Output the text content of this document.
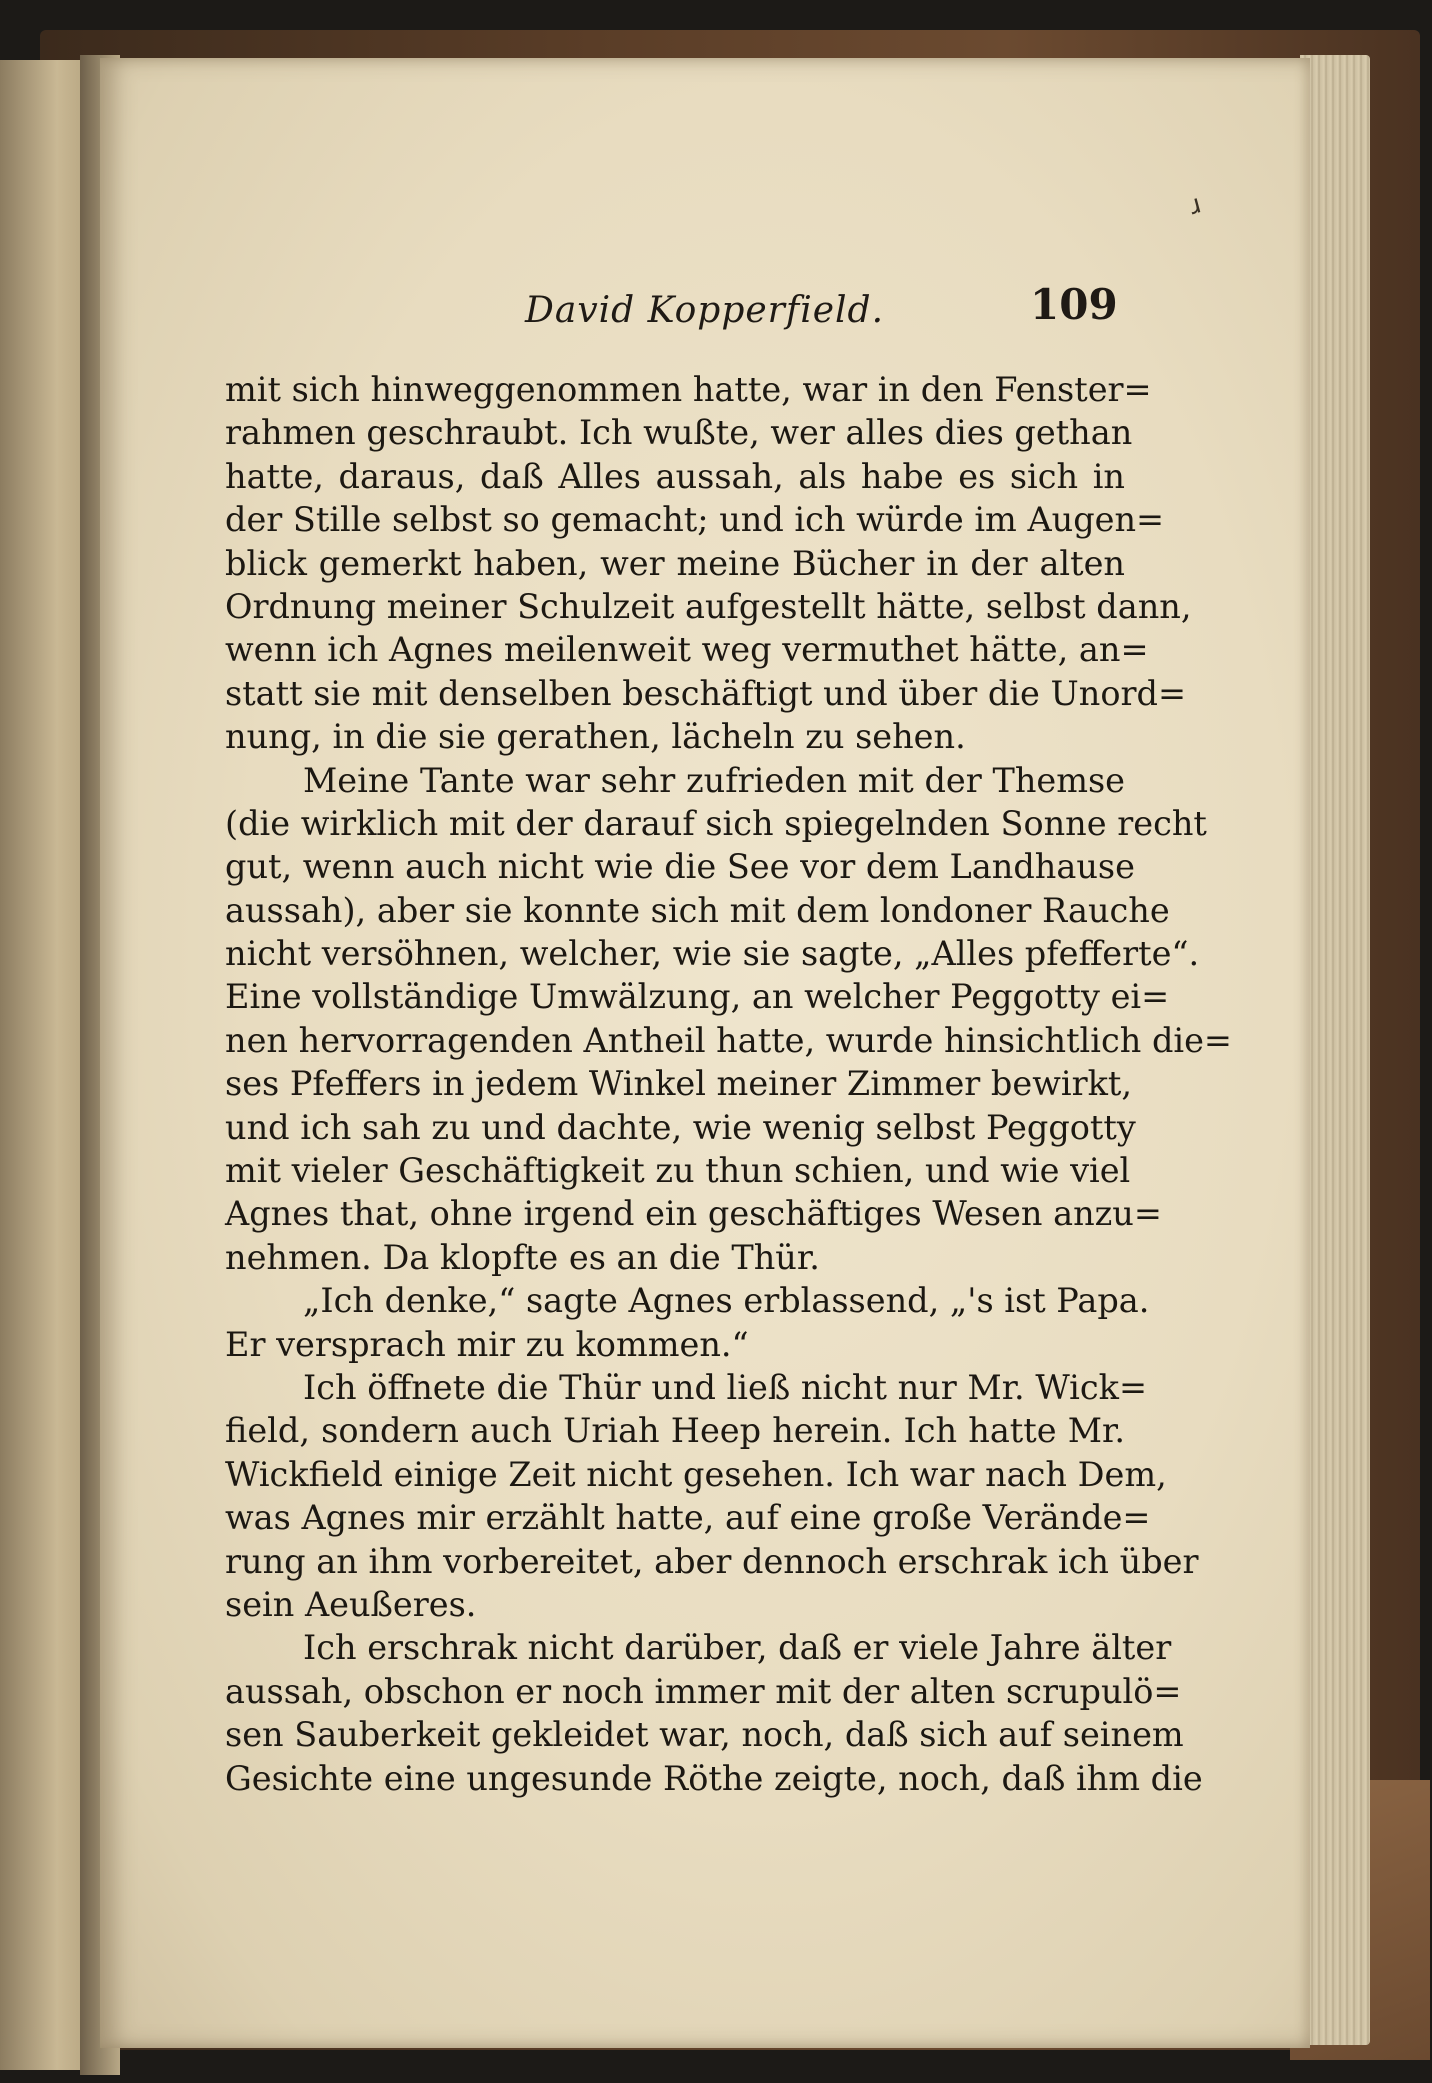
ɹ
David Kopperfield.	109
mit sich hinweggenommen hatte, war in den Fenster=
rahmen geschraubt. Ich wußte, wer alles dies gethan
hatte, daraus, daß Alles aussah, als habe es sich in
der Stille selbst so gemacht; und ich würde im Augen=
blick gemerkt haben, wer meine Bücher in der alten
Ordnung meiner Schulzeit aufgestellt hätte, selbst dann,
wenn ich Agnes meilenweit weg vermuthet hätte, an=
statt sie mit denselben beschäftigt und über die Unord=
nung, in die sie gerathen, lächeln zu sehen.
Meine Tante war sehr zufrieden mit der Themse
(die wirklich mit der darauf sich spiegelnden Sonne recht
gut, wenn auch nicht wie die See vor dem Landhause
aussah), aber sie konnte sich mit dem londoner Rauche
nicht versöhnen, welcher, wie sie sagte, „Alles pfefferte“.
Eine vollständige Umwälzung, an welcher Peggotty ei=
nen hervorragenden Antheil hatte, wurde hinsichtlich die=
ses Pfeffers in jedem Winkel meiner Zimmer bewirkt,
und ich sah zu und dachte, wie wenig selbst Peggotty
mit vieler Geschäftigkeit zu thun schien, und wie viel
Agnes that, ohne irgend ein geschäftiges Wesen anzu=
nehmen. Da klopfte es an die Thür.
„Ich denke,“ sagte Agnes erblassend, „'s ist Papa.
Er versprach mir zu kommen.“
Ich öffnete die Thür und ließ nicht nur Mr. Wick=
field, sondern auch Uriah Heep herein. Ich hatte Mr.
Wickfield einige Zeit nicht gesehen. Ich war nach Dem,
was Agnes mir erzählt hatte, auf eine große Verände=
rung an ihm vorbereitet, aber dennoch erschrak ich über
sein Aeußeres.
Ich erschrak nicht darüber, daß er viele Jahre älter
aussah, obschon er noch immer mit der alten scrupulö=
sen Sauberkeit gekleidet war, noch, daß sich auf seinem
Gesichte eine ungesunde Röthe zeigte, noch, daß ihm die
